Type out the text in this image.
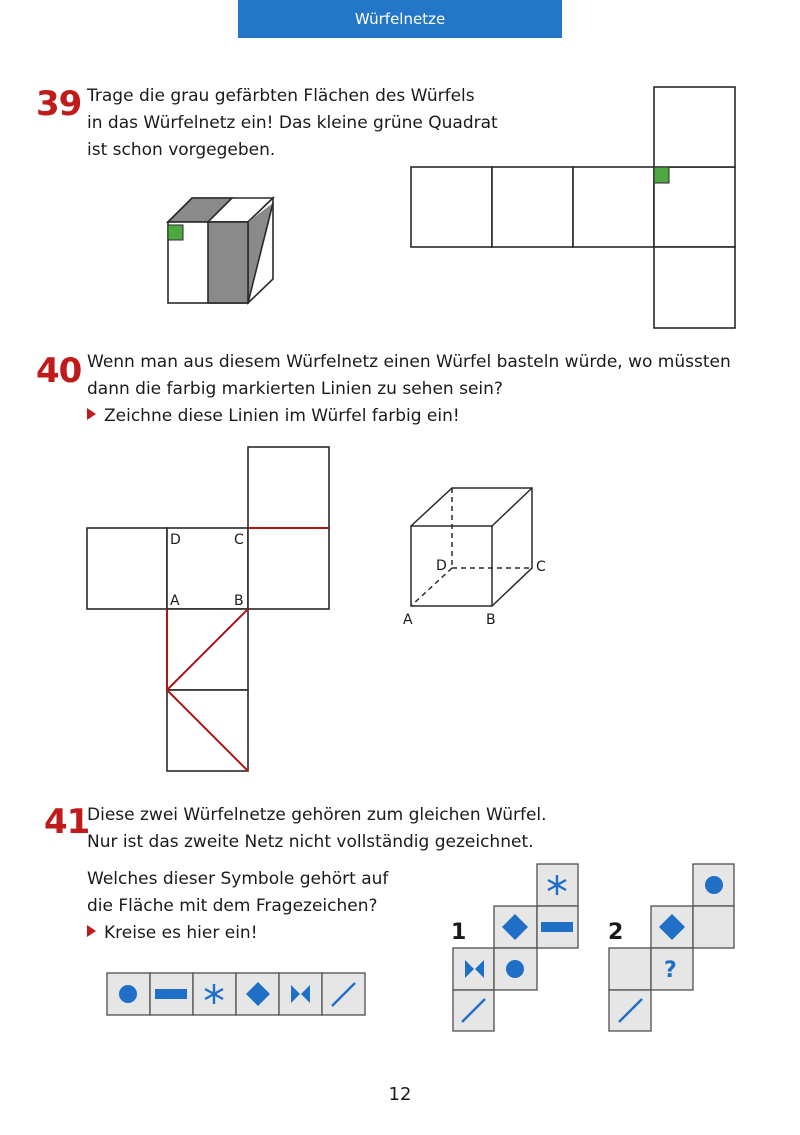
Würfelnetze
39 Trage die grau gefärbten Flächen des Würfels
in das Würfelnetz ein! Das kleine grüne Quadrat
ist schon vorgegeben.
40 Wenn man aus diesem Würfelnetz einen Würfel basteln würde, wo müssten
dann die farbig markierten Linien zu sehen sein?
Zeichne diese Linien im Würfel farbig ein!
41
Diese zwei Würfelnetze gehören zum gleichen Würfel.
Nur ist das zweite Netz nicht vollständig gezeichnet.
Welches dieser Symbole gehört auf
die Fläche mit dem Fragezeichen?
Kreise es hier ein!
D	C
A	B
D	C
A	B
1	2
?
12
